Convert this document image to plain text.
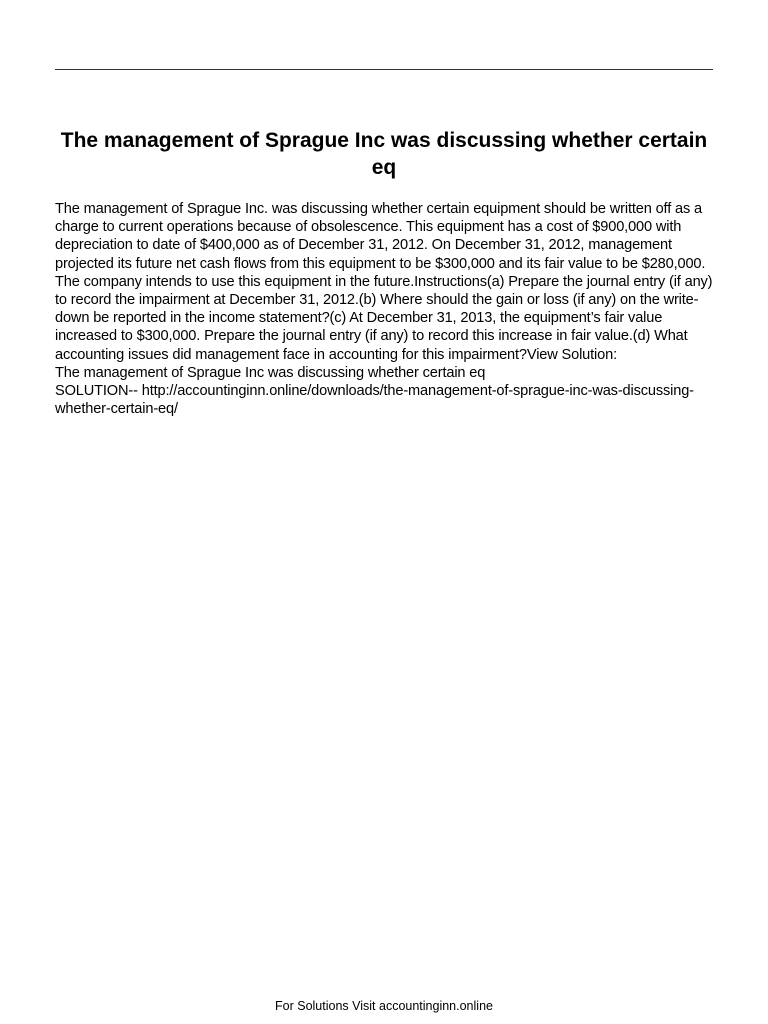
The management of Sprague Inc was discussing whether certain eq

The management of Sprague Inc. was discussing whether certain equipment should be written off as a charge to current operations because of obsolescence. This equipment has a cost of $900,000 with depreciation to date of $400,000 as of December 31, 2012. On December 31, 2012, management projected its future net cash flows from this equipment to be $300,000 and its fair value to be $280,000. The company intends to use this equipment in the future.Instructions(a) Prepare the journal entry (if any) to record the impairment at December 31, 2012.(b) Where should the gain or loss (if any) on the write-down be reported in the income statement?(c) At December 31, 2013, the equipment’s fair value increased to $300,000. Prepare the journal entry (if any) to record this increase in fair value.(d) What accounting issues did management face in accounting for this impairment?View Solution:

The management of Sprague Inc was discussing whether certain eq

SOLUTION-- http://accountinginn.online/downloads/the-management-of-sprague-inc-was-discussing-whether-certain-eq/

For Solutions Visit accountinginn.online
